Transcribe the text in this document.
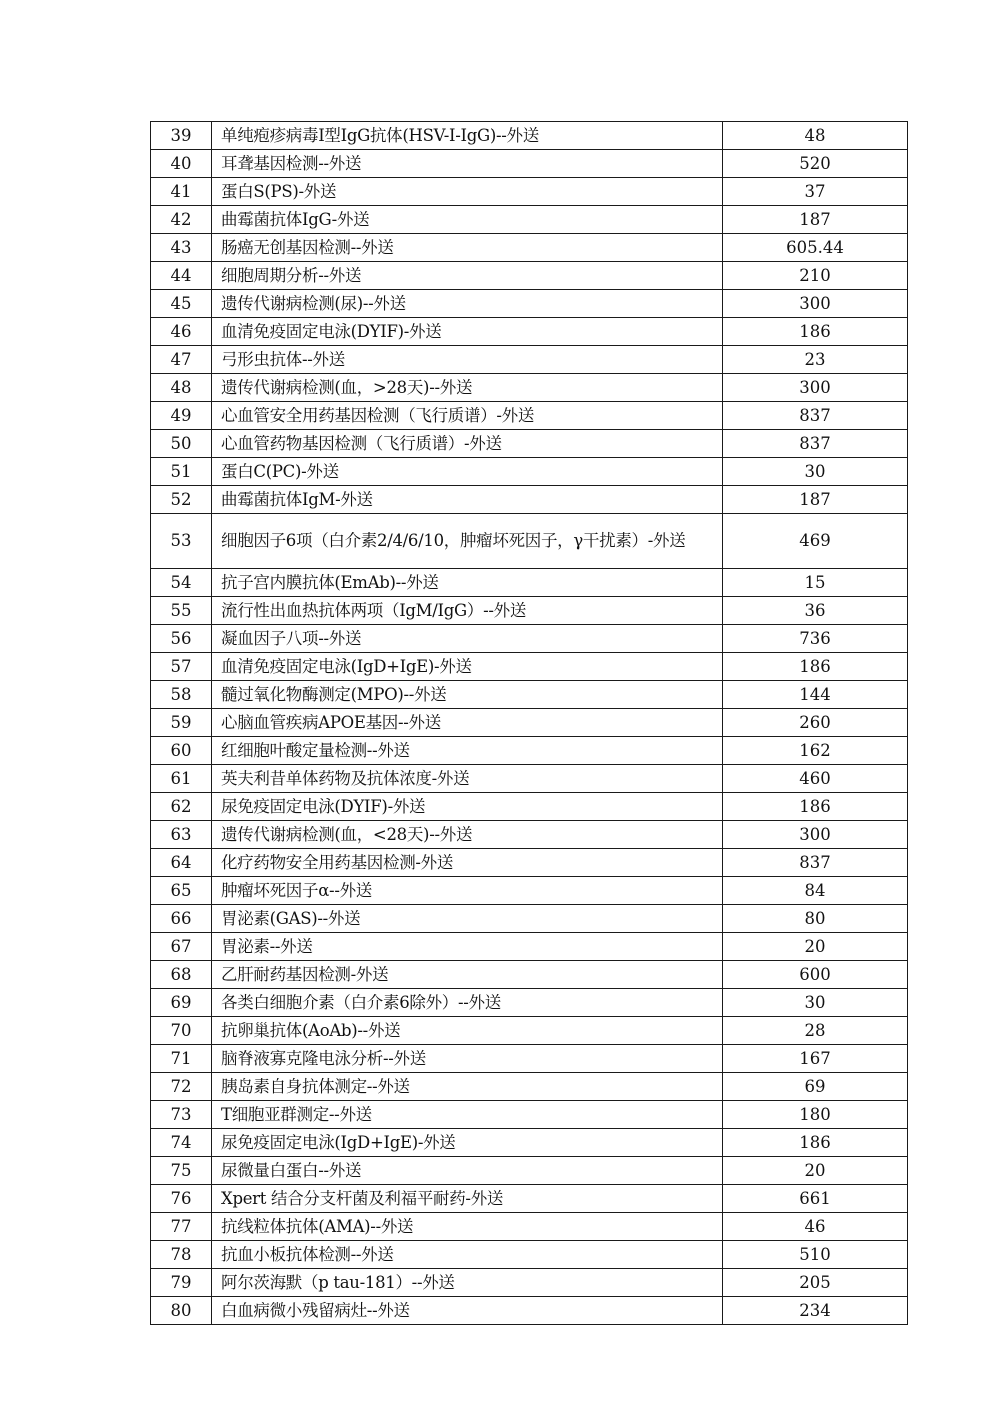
39	单纯疱疹病毒Ⅰ型IgG抗体(HSV-Ⅰ-IgG)--外送	48
40	耳聋基因检测--外送	520
41	蛋白S(PS)-外送	37
42	曲霉菌抗体IgG-外送	187
43	肠癌无创基因检测--外送	605.44
44	细胞周期分析--外送	210
45	遗传代谢病检测(尿)--外送	300
46	血清免疫固定电泳(DYIF)-外送	186
47	弓形虫抗体--外送	23
48	遗传代谢病检测(血，>28天)--外送	300
49	心血管安全用药基因检测（飞行质谱）-外送	837
50	心血管药物基因检测（飞行质谱）-外送	837
51	蛋白C(PC)-外送	30
52	曲霉菌抗体IgM-外送	187
53	细胞因子6项（白介素2/4/6/10，肿瘤坏死因子，γ干扰素）-外送	469
54	抗子宫内膜抗体(EmAb)--外送	15
55	流行性出血热抗体两项（IgM/IgG）--外送	36
56	凝血因子八项--外送	736
57	血清免疫固定电泳(IgD+IgE)-外送	186
58	髓过氧化物酶测定(MPO)--外送	144
59	心脑血管疾病APOE基因--外送	260
60	红细胞叶酸定量检测--外送	162
61	英夫利昔单体药物及抗体浓度-外送	460
62	尿免疫固定电泳(DYIF)-外送	186
63	遗传代谢病检测(血，<28天)--外送	300
64	化疗药物安全用药基因检测-外送	837
65	肿瘤坏死因子α--外送	84
66	胃泌素(GAS)--外送	80
67	胃泌素--外送	20
68	乙肝耐药基因检测-外送	600
69	各类白细胞介素（白介素6除外）--外送	30
70	抗卵巢抗体(AoAb)--外送	28
71	脑脊液寡克隆电泳分析--外送	167
72	胰岛素自身抗体测定--外送	69
73	T细胞亚群测定--外送	180
74	尿免疫固定电泳(IgD+IgE)-外送	186
75	尿微量白蛋白--外送	20
76	Xpert 结合分支杆菌及利福平耐药-外送	661
77	抗线粒体抗体(AMA)--外送	46
78	抗血小板抗体检测--外送	510
79	阿尔茨海默（p tau-181）--外送	205
80	白血病微小残留病灶--外送	234
